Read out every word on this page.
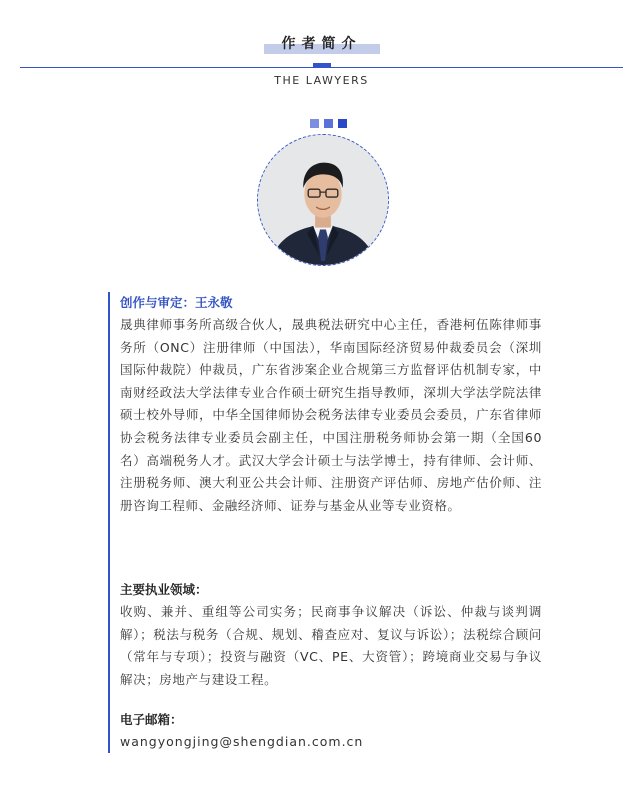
作者简介
THE LAWYERS
创作与审定：王永敬
晟典律师事务所高级合伙人，晟典税法研究中心主任，香港柯伍陈律师事务所（ONC）注册律师（中国法），华南国际经济贸易仲裁委员会（深圳国际仲裁院）仲裁员，广东省涉案企业合规第三方监督评估机制专家，中南财经政法大学法律专业合作硕士研究生指导教师，深圳大学法学院法律硕士校外导师，中华全国律师协会税务法律专业委员会委员，广东省律师协会税务法律专业委员会副主任，中国注册税务师协会第一期（全国60名）高端税务人才。武汉大学会计硕士与法学博士，持有律师、会计师、注册税务师、澳大利亚公共会计师、注册资产评估师、房地产估价师、注册咨询工程师、金融经济师、证券与基金从业等专业资格。
主要执业领域：
收购、兼并、重组等公司实务；民商事争议解决（诉讼、仲裁与谈判调解）；税法与税务（合规、规划、稽查应对、复议与诉讼）；法税综合顾问（常年与专项）；投资与融资（VC、PE、大资管）；跨境商业交易与争议解决；房地产与建设工程。
电子邮箱：
wangyongjing@shengdian.com.cn
